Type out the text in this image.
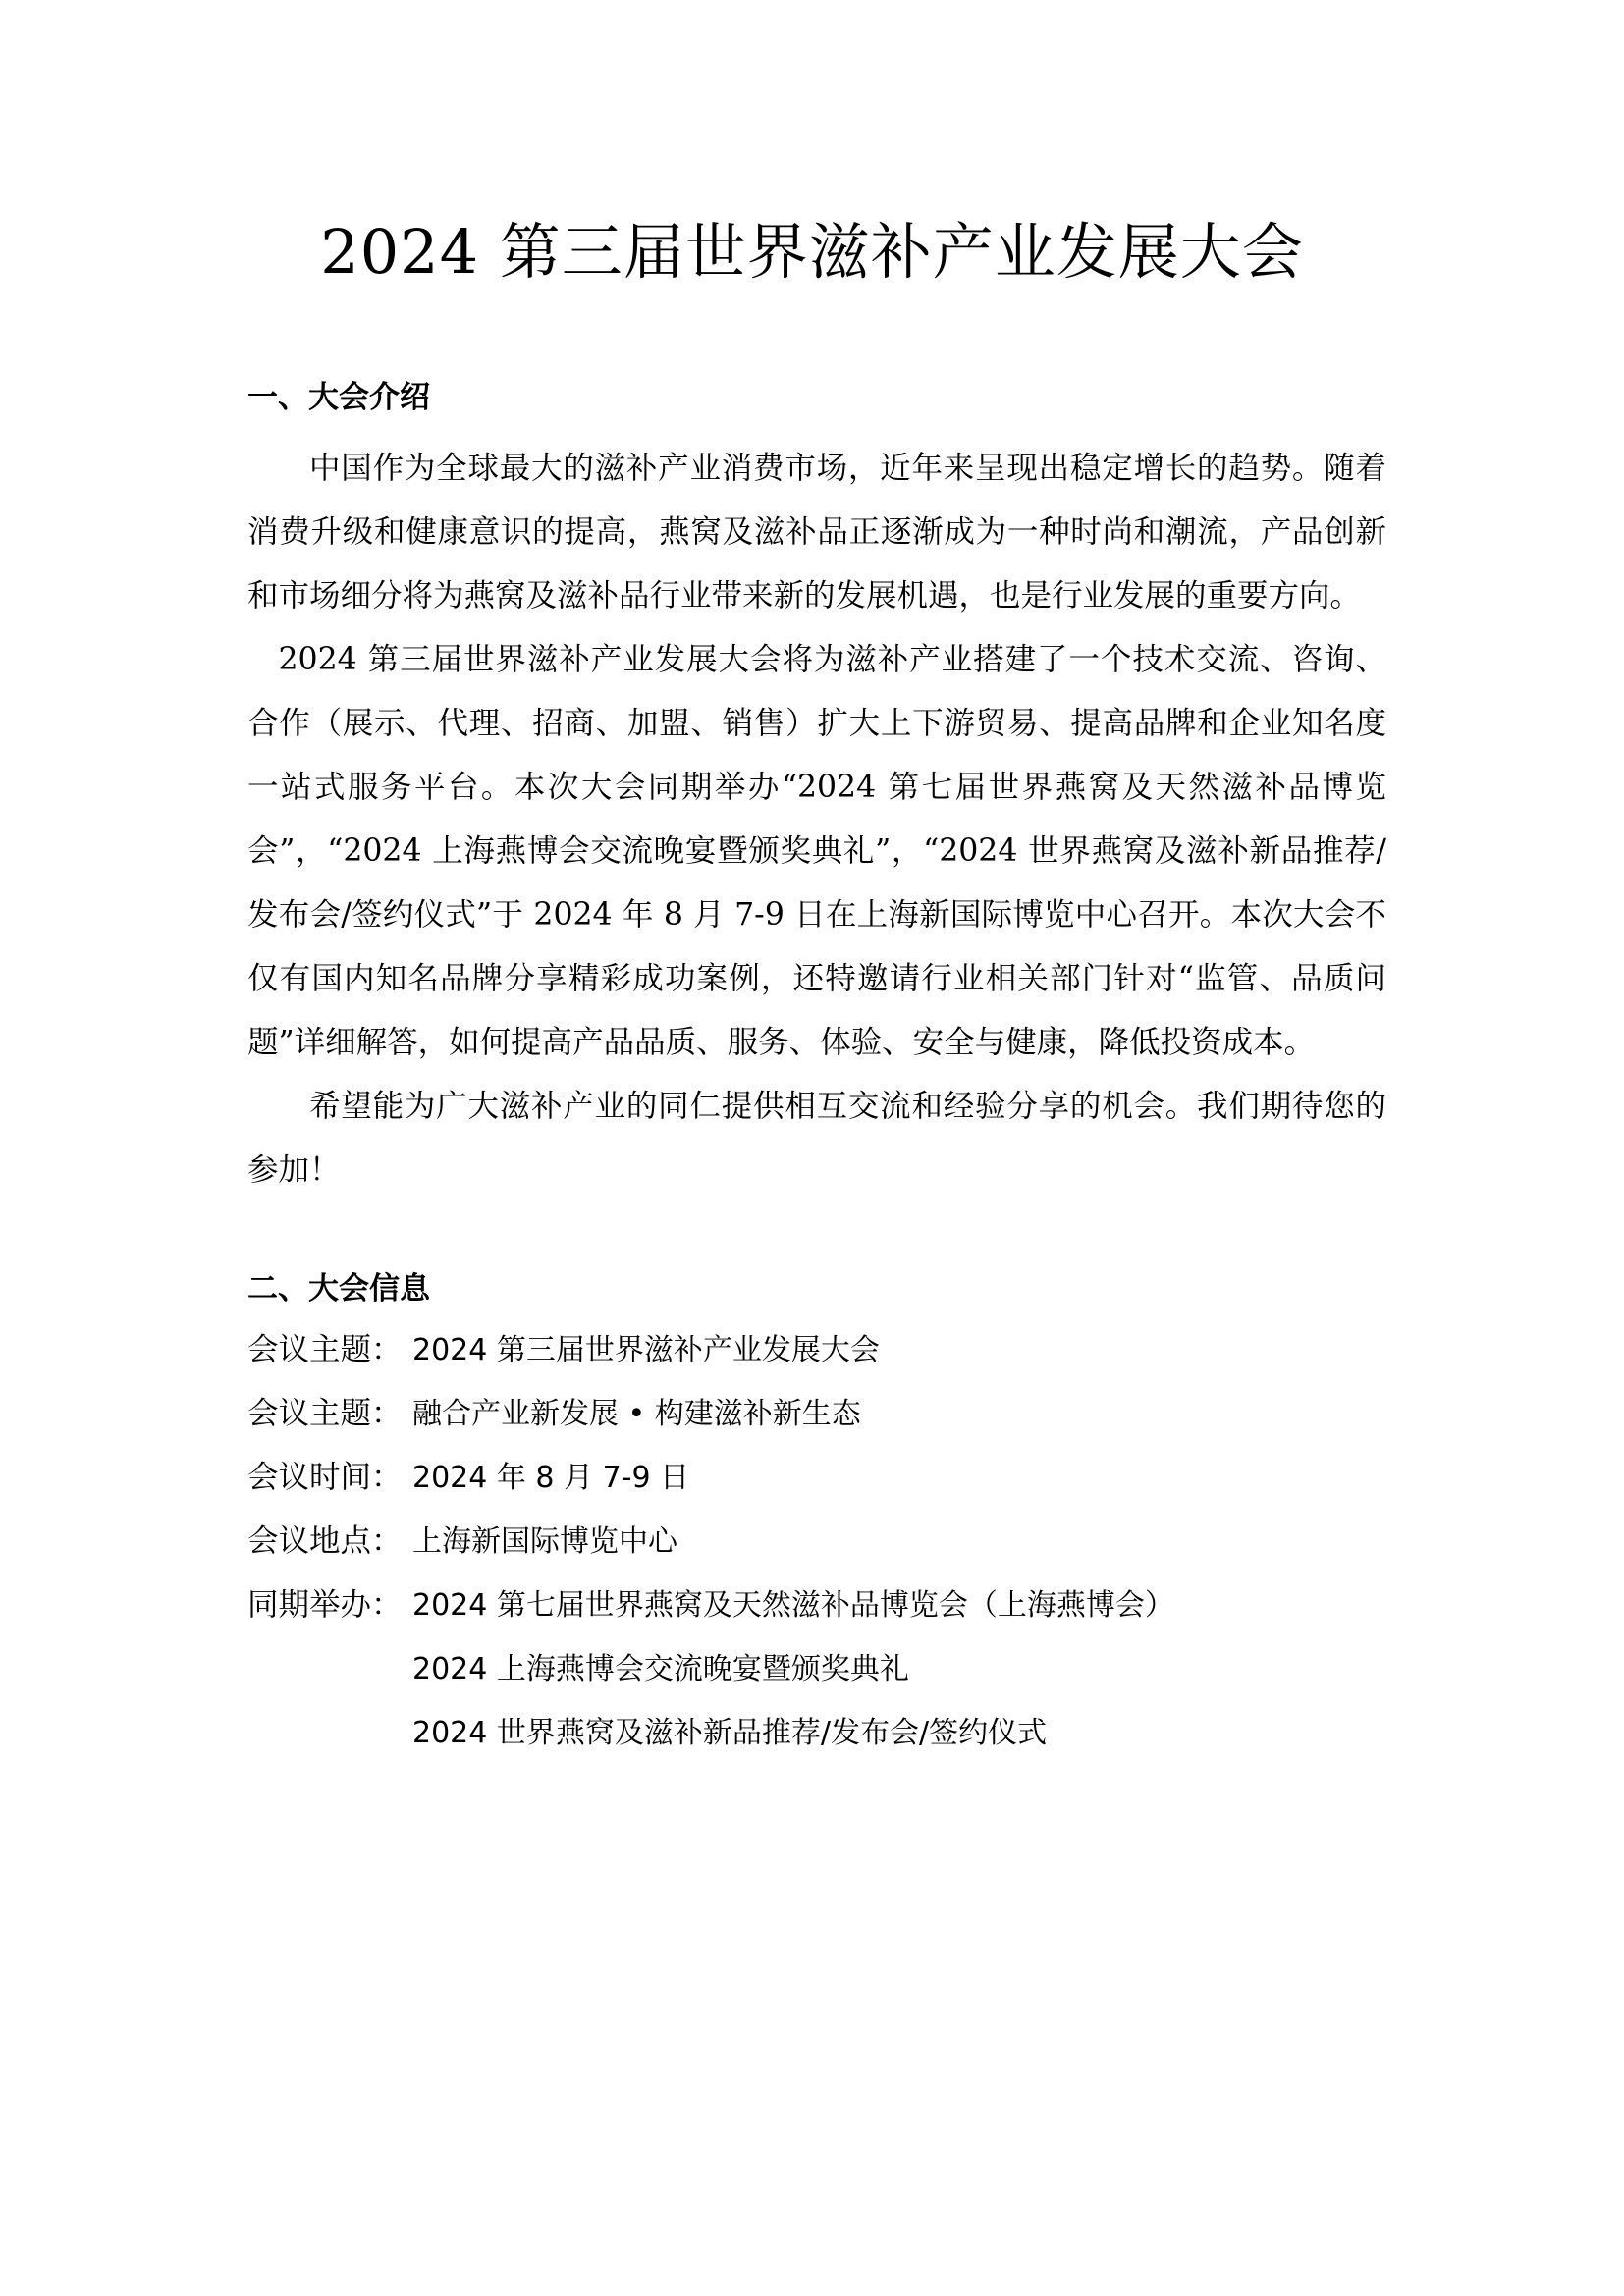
2024 第三届世界滋补产业发展大会
一、大会介绍

中国作为全球最大的滋补产业消费市场，近年来呈现出稳定增长的趋势。随着消费升级和健康意识的提高，燕窝及滋补品正逐渐成为一种时尚和潮流，产品创新和市场细分将为燕窝及滋补品行业带来新的发展机遇，也是行业发展的重要方向。

2024 第三届世界滋补产业发展大会将为滋补产业搭建了一个技术交流、咨询、合作（展示、代理、招商、加盟、销售）扩大上下游贸易、提高品牌和企业知名度一站式服务平台。本次大会同期举办“2024 第七届世界燕窝及天然滋补品博览会”，“2024 上海燕博会交流晚宴暨颁奖典礼”，“2024 世界燕窝及滋补新品推荐/发布会/签约仪式”于 2024 年 8 月 7-9 日在上海新国际博览中心召开。本次大会不仅有国内知名品牌分享精彩成功案例，还特邀请行业相关部门针对“监管、品质问题”详细解答，如何提高产品品质、服务、体验、安全与健康，降低投资成本。

希望能为广大滋补产业的同仁提供相互交流和经验分享的机会。我们期待您的参加！

二、大会信息
会议主题： 2024 第三届世界滋补产业发展大会
会议主题： 融合产业新发展 • 构建滋补新生态
会议时间： 2024 年 8 月 7-9 日
会议地点： 上海新国际博览中心
同期举办： 2024 第七届世界燕窝及天然滋补品博览会（上海燕博会）
2024 上海燕博会交流晚宴暨颁奖典礼
2024 世界燕窝及滋补新品推荐/发布会/签约仪式
